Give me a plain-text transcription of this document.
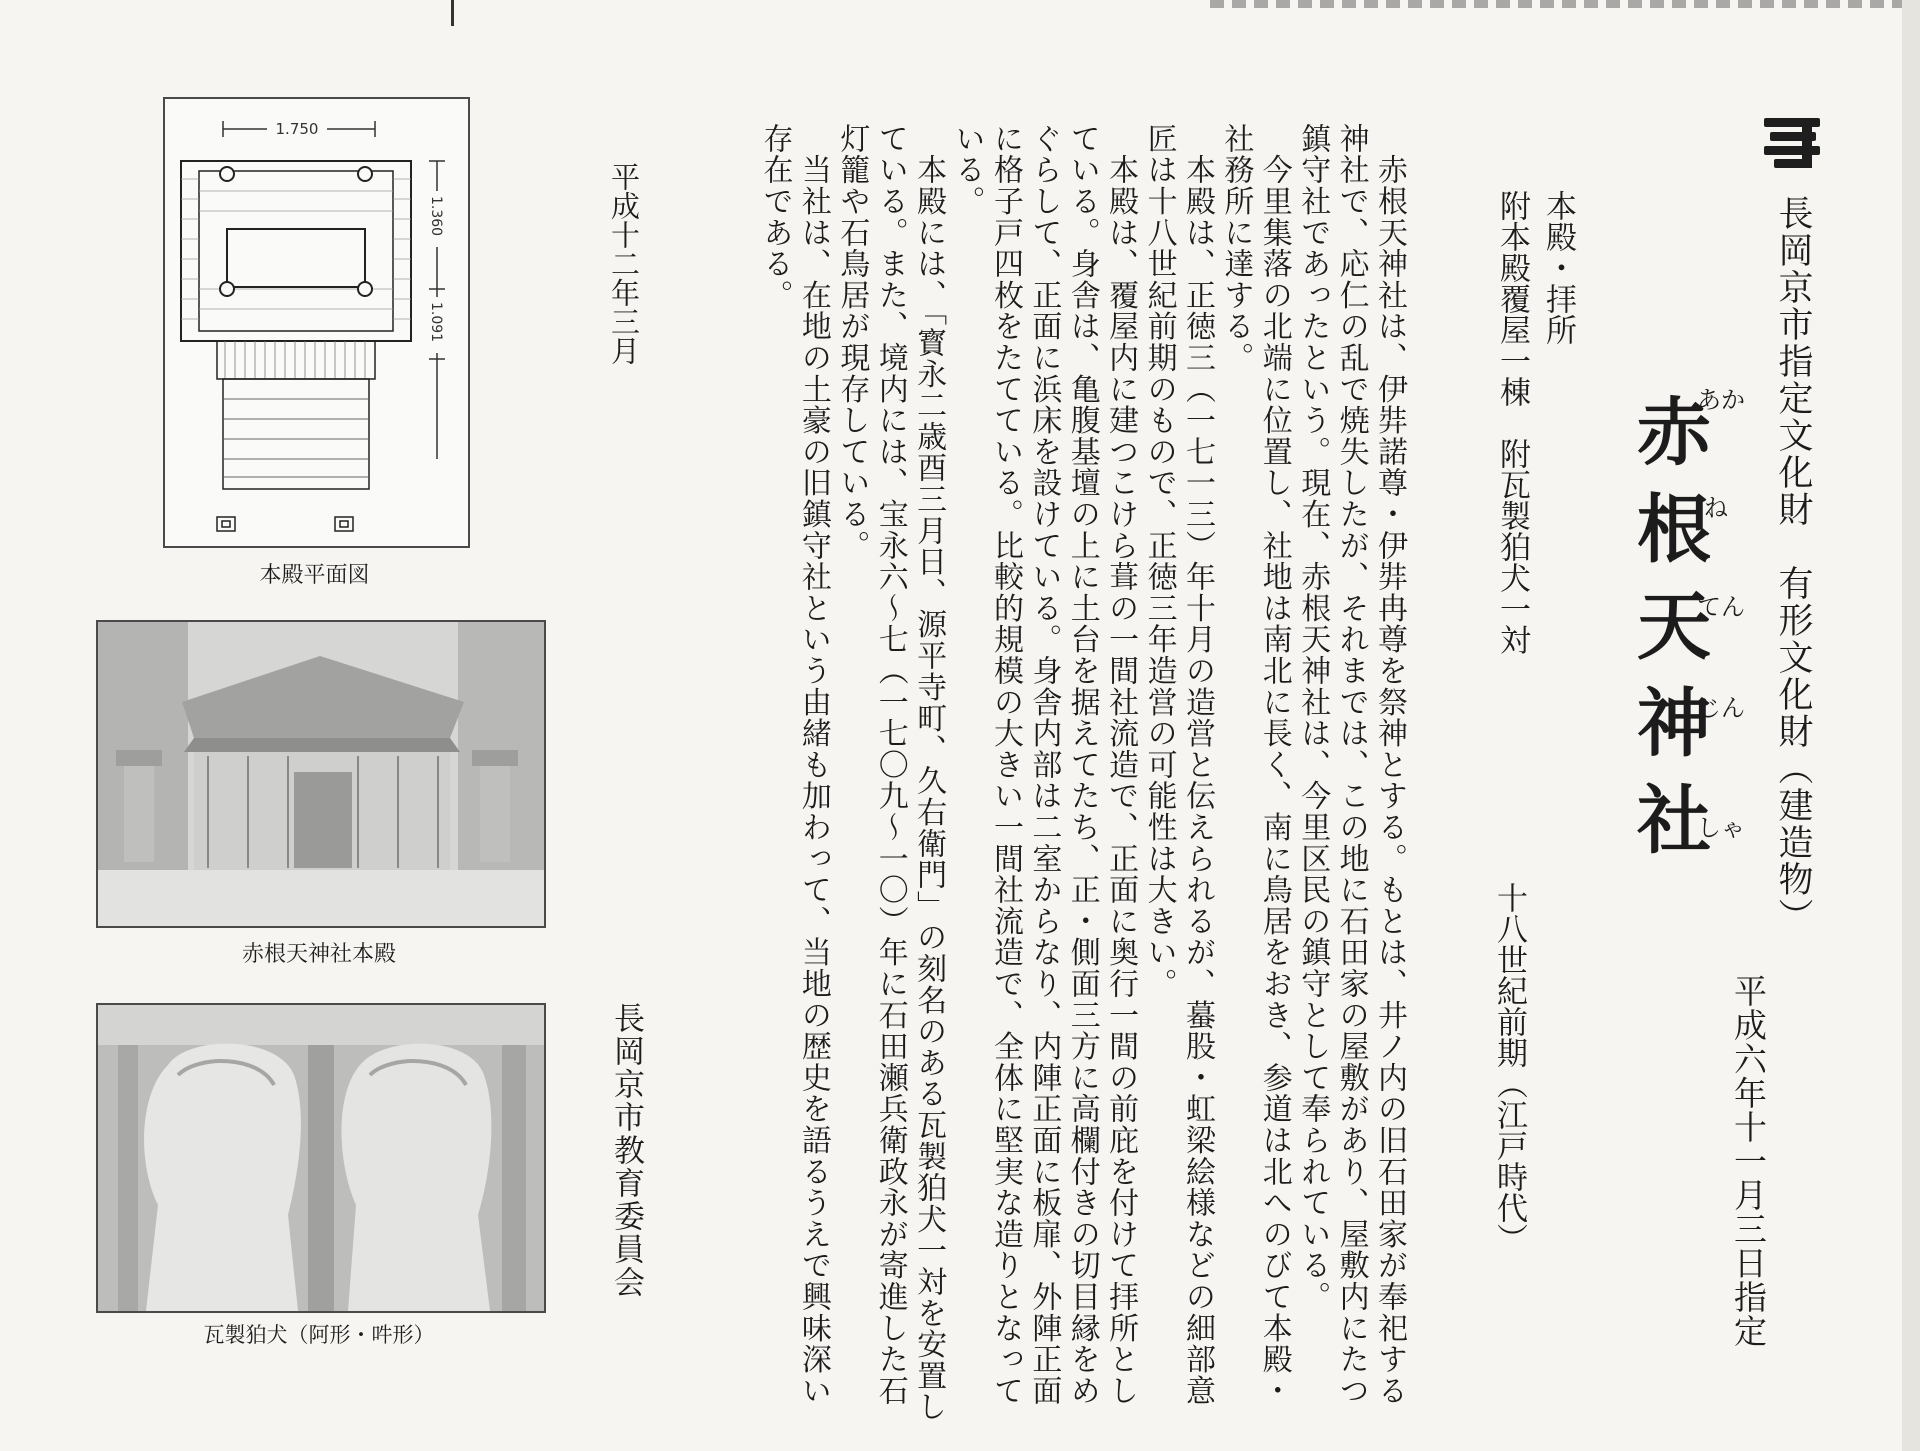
長岡京市指定文化財　有形文化財（建造物）
赤根天神社
あか
ね
てん
じん
しゃ
平成六年十一月三日指定
本殿・拝所
附本殿覆屋一棟　附瓦製狛犬一対
十八世紀前期（江戸時代）
　赤根天神社は、伊弉諾尊・伊弉冉尊を祭神とする。もとは、井ノ内の旧石田家が奉祀する
神社で、応仁の乱で焼失したが、それまでは、この地に石田家の屋敷があり、屋敷内にたつ
鎮守社であったという。現在、赤根天神社は、今里区民の鎮守として奉られている。
　今里集落の北端に位置し、社地は南北に長く、南に鳥居をおき、参道は北へのびて本殿・
社務所に達する。
　本殿は、正徳三（一七一三）年十月の造営と伝えられるが、蟇股・虹梁絵様などの細部意
匠は十八世紀前期のもので、正徳三年造営の可能性は大きい。
　本殿は、覆屋内に建つこけら葺の一間社流造で、正面に奥行一間の前庇を付けて拝所とし
ている。身舎は、亀腹基壇の上に土台を据えてたち、正・側面三方に高欄付きの切目縁をめ
ぐらして、正面に浜床を設けている。身舎内部は二室からなり、内陣正面に板扉、外陣正面
に格子戸四枚をたてている。比較的規模の大きい一間社流造で、全体に堅実な造りとなって
いる。
　本殿には、「寳永二歳酉三月日、源平寺町、久右衛門」の刻名のある瓦製狛犬一対を安置し
ている。また、境内には、宝永六～七（一七〇九～一〇）年に石田瀬兵衛政永が寄進した石
灯籠や石鳥居が現存している。
　当社は、在地の土豪の旧鎮守社という由緒も加わって、当地の歴史を語るうえで興味深い
存在である。
平成十二年三月
長岡京市教育委員会
1.750
1.360
1.091
本殿平面図
赤根天神社本殿
瓦製狛犬（阿形・吽形）
